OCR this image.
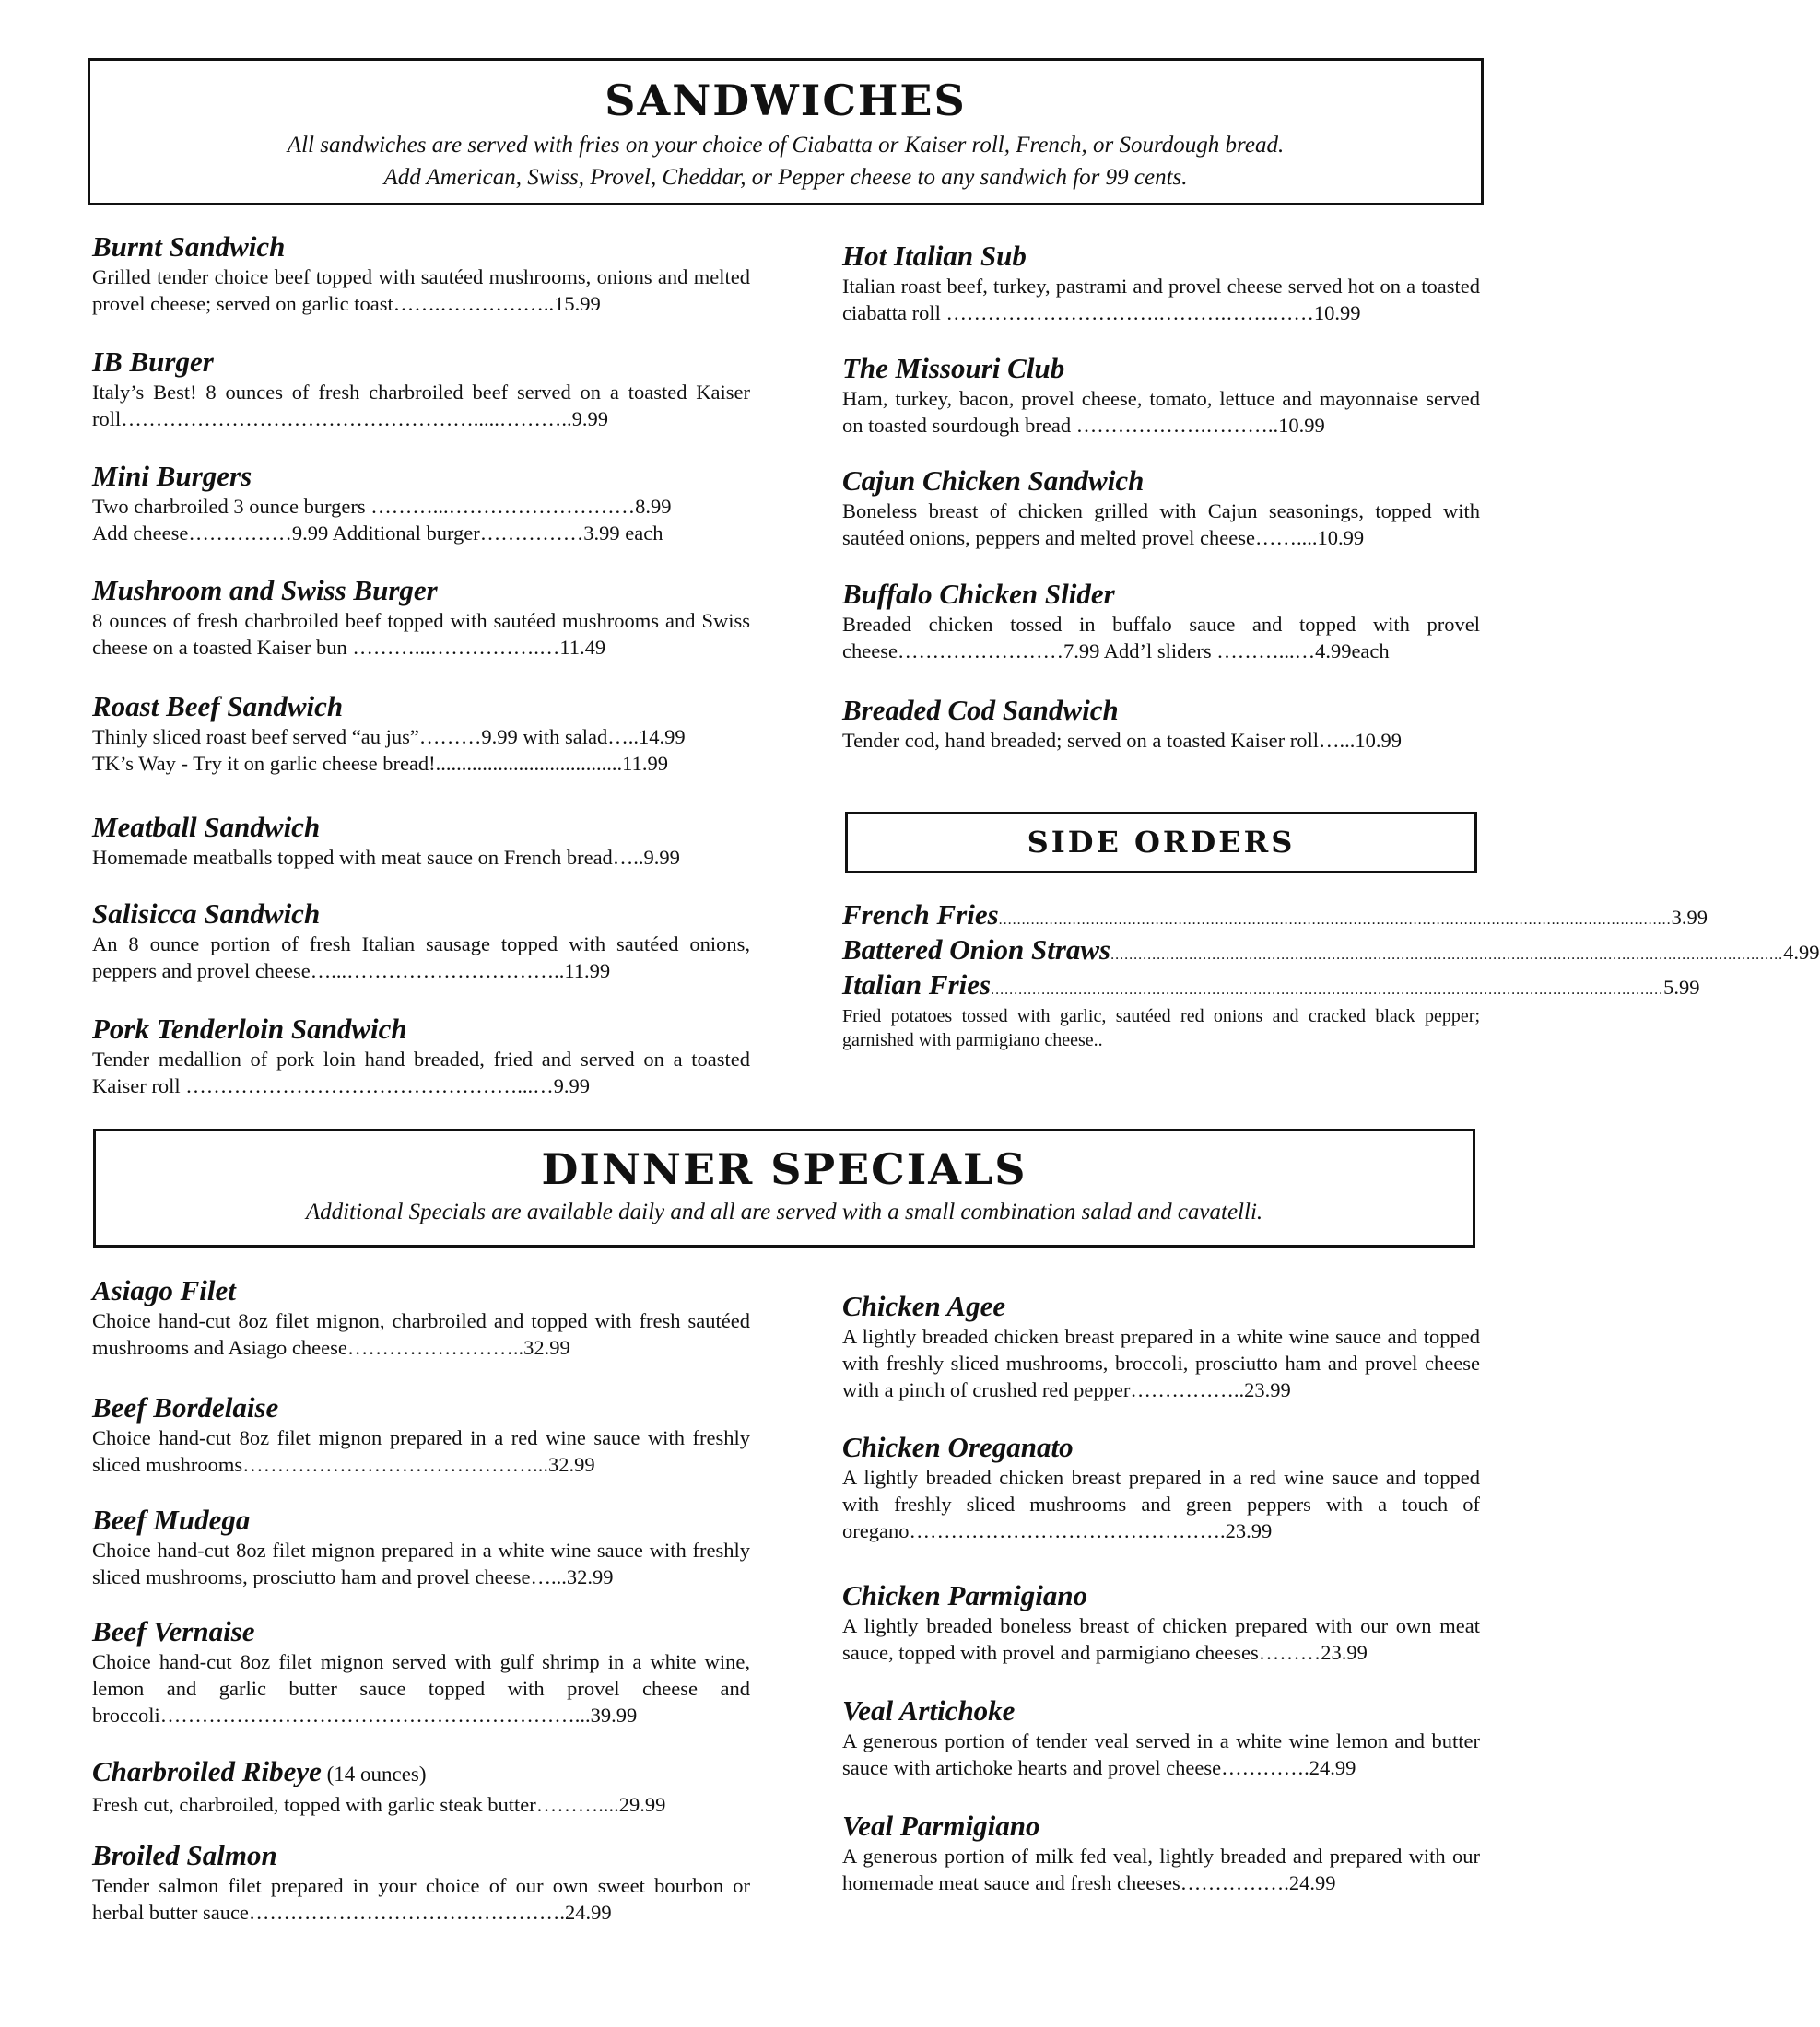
SANDWICHES
All sandwiches are served with fries on your choice of Ciabatta or Kaiser roll, French, or Sourdough bread.
Add American, Swiss, Provel, Cheddar, or Pepper cheese to any sandwich for 99 cents.

Burnt Sandwich

Grilled tender choice beef topped with sautéed mushrooms, onions and melted provel cheese; served on garlic toast…….……………..15.99

IB Burger

Italy’s Best! 8 ounces of fresh charbroiled beef served on a toasted Kaiser roll…………………………………………….....………..9.99

Mini Burgers

Two charbroiled 3 ounce burgers ………...………………………8.99

Add cheese……………9.99 Additional burger……………3.99 each

Mushroom and Swiss Burger

8 ounces of fresh charbroiled beef topped with sautéed mushrooms and Swiss cheese on a toasted Kaiser bun ………...…………….…11.49

Roast Beef Sandwich

Thinly sliced roast beef served “au jus”………9.99 with salad…..14.99

TK’s Way - Try it on garlic cheese bread!....................................11.99

Meatball Sandwich

Homemade meatballs topped with meat sauce on French bread…..9.99

Salisicca Sandwich

An 8 ounce portion of fresh Italian sausage topped with sautéed onions, peppers and provel cheese…...…………………………..11.99

Pork Tenderloin Sandwich

Tender medallion of pork loin hand breaded, fried and served on a toasted Kaiser roll …………………………………………...…9.99

Hot Italian Sub

Italian roast beef, turkey, pastrami and provel cheese served hot on a toasted ciabatta roll ………………………….……….…….……10.99

The Missouri Club

Ham, turkey, bacon, provel cheese, tomato, lettuce and mayonnaise served on toasted sourdough bread ……………….………..10.99

Cajun Chicken Sandwich

Boneless breast of chicken grilled with Cajun seasonings, topped with sautéed onions, peppers and melted provel cheese……....10.99

Buffalo Chicken Slider

Breaded chicken tossed in buffalo sauce and topped with provel cheese……………………7.99 Add’l sliders ………...…4.99each

Breaded Cod Sandwich

Tender cod, hand breaded; served on a toasted Kaiser roll…...10.99

SIDE ORDERS
French Fries .................................................................................................................................................. 3.99
Battered Onion Straws .................................................................................................................................................. 4.99
Italian Fries .................................................................................................................................................. 5.99
Fried potatoes tossed with garlic, sautéed red onions and cracked black pepper; garnished with parmigiano cheese..
DINNER SPECIALS
Additional Specials are available daily and all are served with a small combination salad and cavatelli.

Asiago Filet

Choice hand-cut 8oz filet mignon, charbroiled and topped with fresh sautéed mushrooms and Asiago cheese……………………..32.99

Beef Bordelaise

Choice hand-cut 8oz filet mignon prepared in a red wine sauce with freshly sliced mushrooms……………………………………...32.99

Beef Mudega

Choice hand-cut 8oz filet mignon prepared in a white wine sauce with freshly sliced mushrooms, prosciutto ham and provel cheese…...32.99

Beef Vernaise

Choice hand-cut 8oz filet mignon served with gulf shrimp in a white wine, lemon and garlic butter sauce topped with provel cheese and broccoli……………………………………………………...39.99

Charbroiled Ribeye (14 ounces)

Fresh cut, charbroiled, topped with garlic steak butter………....29.99

Broiled Salmon

Tender salmon filet prepared in your choice of our own sweet bourbon or herbal butter sauce……………………………………….24.99

Chicken Agee

A lightly breaded chicken breast prepared in a white wine sauce and topped with freshly sliced mushrooms, broccoli, prosciutto ham and provel cheese with a pinch of crushed red pepper……………..23.99

Chicken Oreganato

A lightly breaded chicken breast prepared in a red wine sauce and topped with freshly sliced mushrooms and green peppers with a touch of oregano……………………………………….23.99

Chicken Parmigiano

A lightly breaded boneless breast of chicken prepared with our own meat sauce, topped with provel and parmigiano cheeses………23.99

Veal Artichoke

A generous portion of tender veal served in a white wine lemon and butter sauce with artichoke hearts and provel cheese………….24.99

Veal Parmigiano

A generous portion of milk fed veal, lightly breaded and prepared with our homemade meat sauce and fresh cheeses…………….24.99
